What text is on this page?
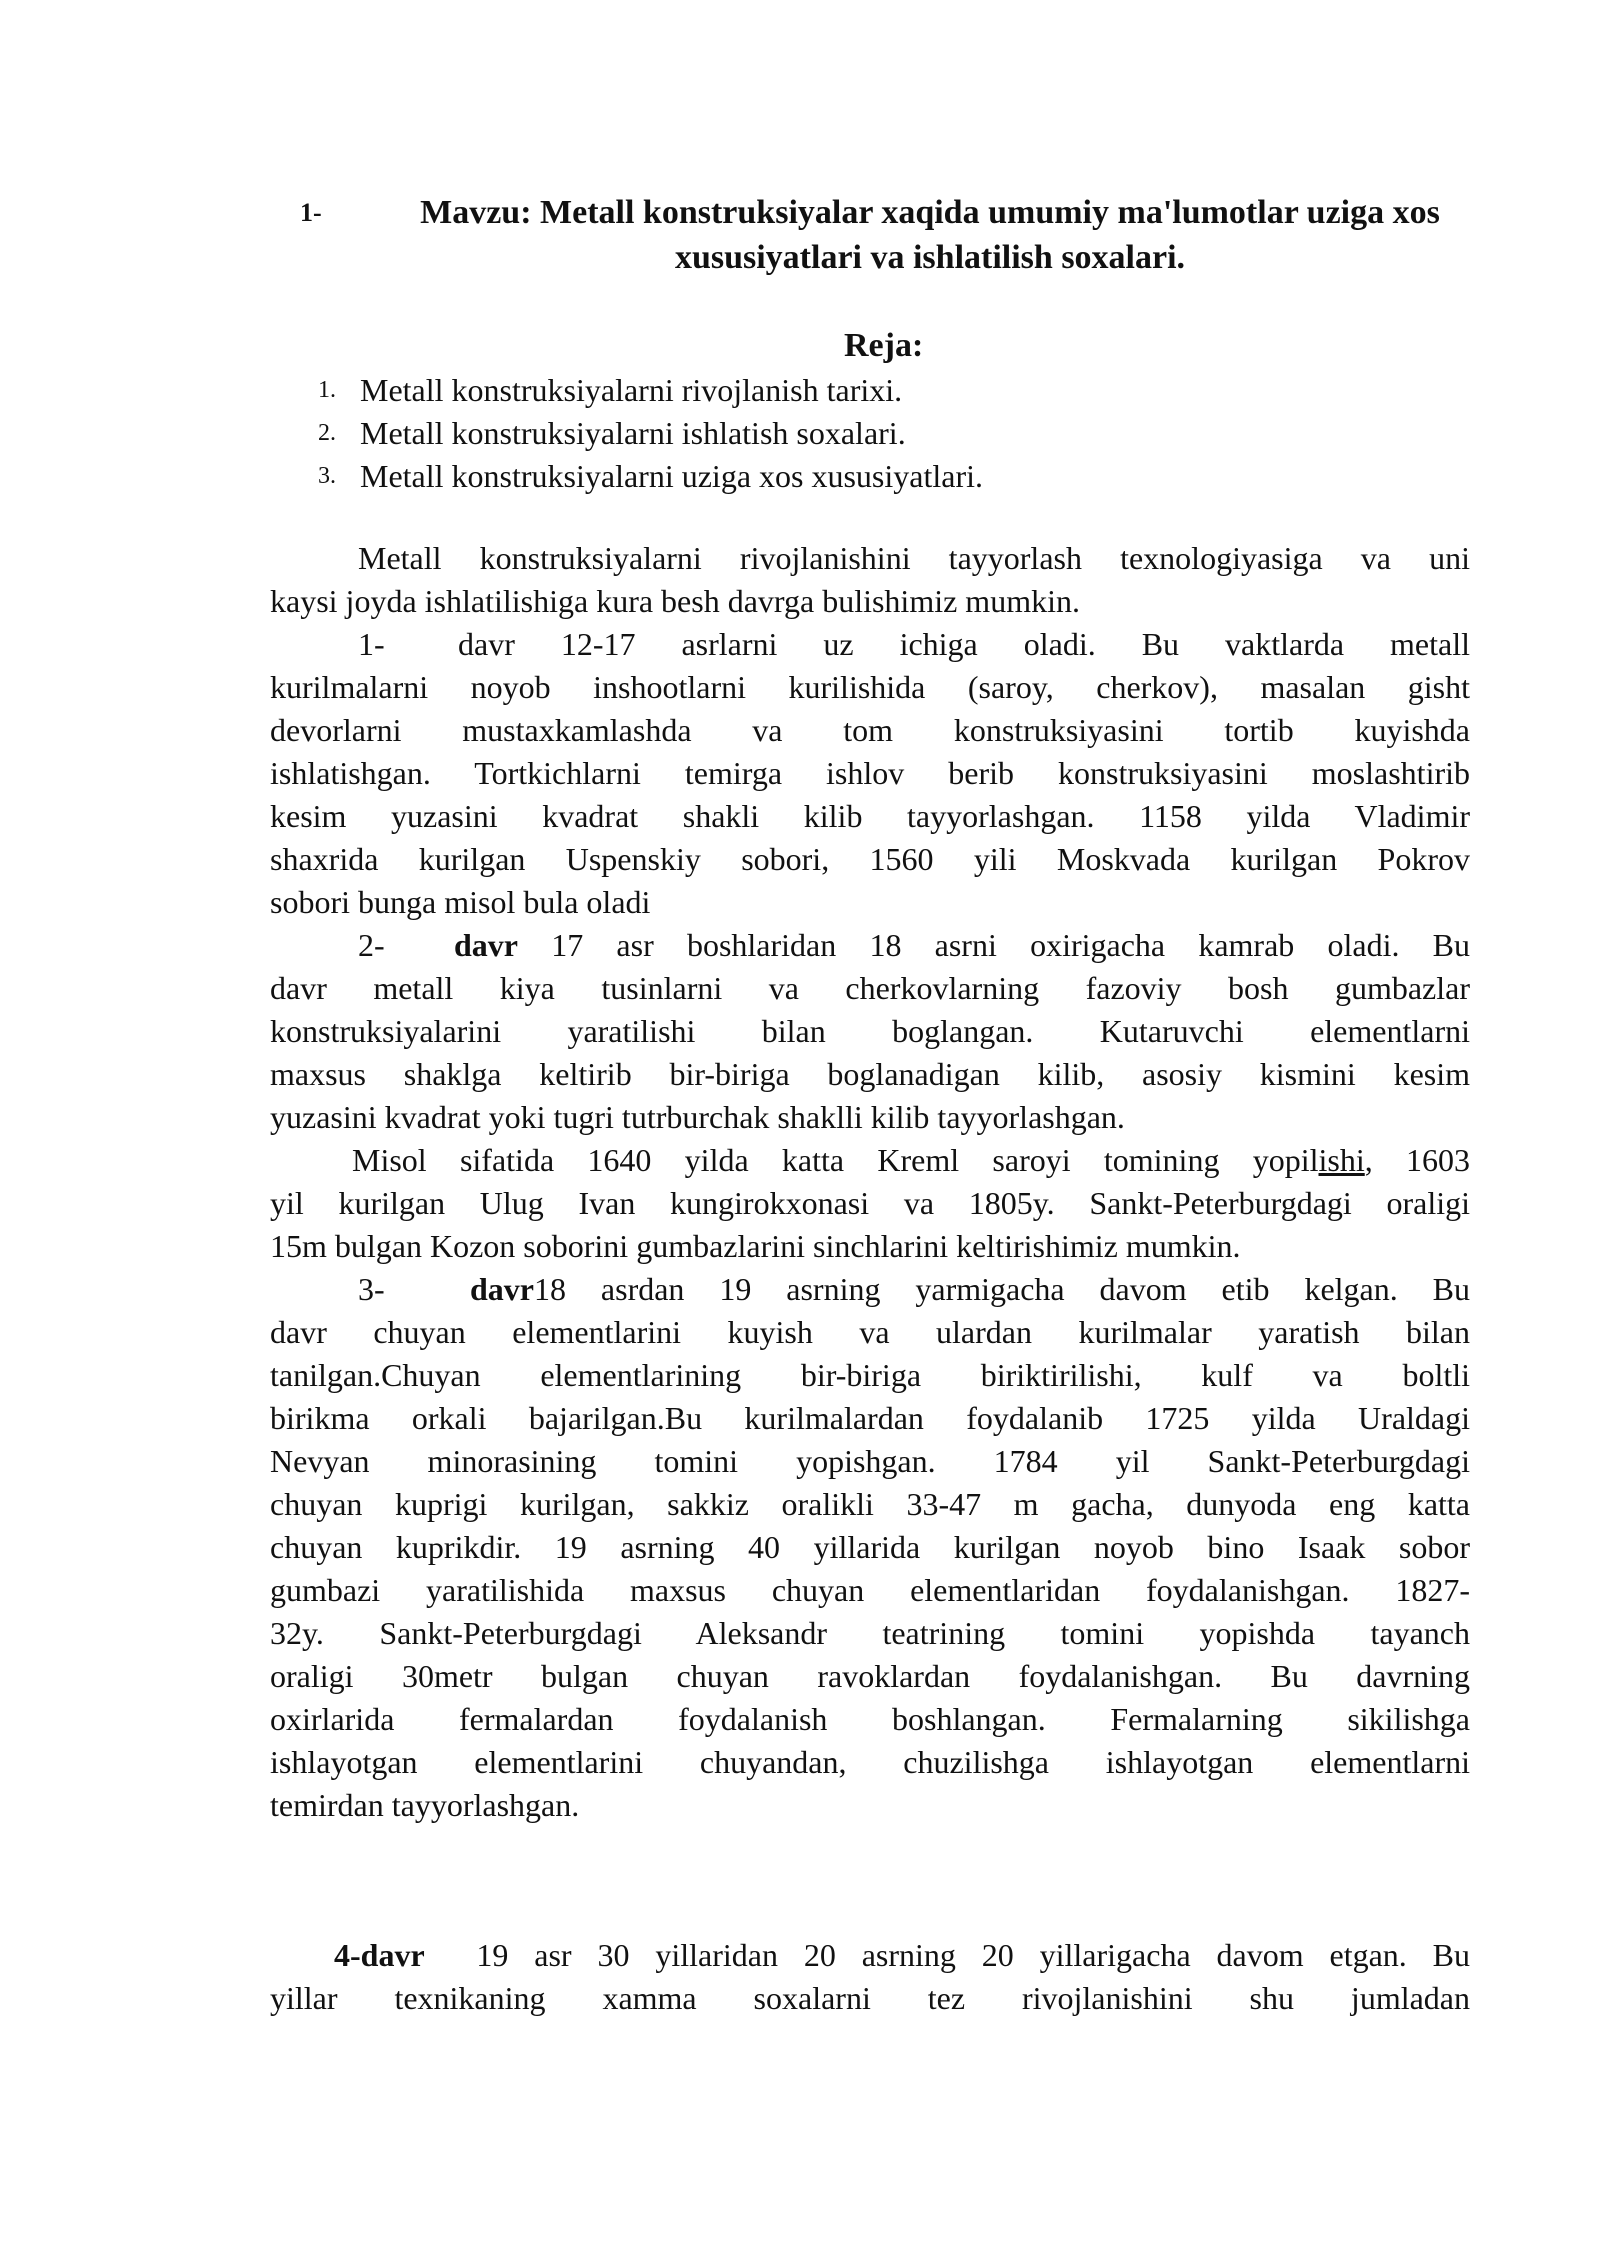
1-	Mavzu: Metall konstruksiyalar xaqida umumiy ma'lumotlar uziga xos xususiyatlari va ishlatilish soxalari.
Reja:
1. Metall konstruksiyalarni rivojlanish tarixi.
2. Metall konstruksiyalarni ishlatish soxalari.
3. Metall konstruksiyalarni uziga xos xususiyatlari.
Metall konstruksiyalarni rivojlanishini tayyorlash texnologiyasiga va uni
kaysi joyda ishlatilishiga kura besh davrga bulishimiz mumkin.
1- davr 12-17 asrlarni uz ichiga oladi. Bu vaktlarda metall
kurilmalarni noyob inshootlarni kurilishida (saroy, cherkov), masalan gisht
devorlarni mustaxkamlashda va tom konstruksiyasini tortib kuyishda
ishlatishgan. Tortkichlarni temirga ishlov berib konstruksiyasini moslashtirib
kesim yuzasini kvadrat shakli kilib tayyorlashgan. 1158 yilda Vladimir
shaxrida kurilgan Uspenskiy sobori, 1560 yili Moskvada kurilgan Pokrov
sobori bunga misol bula oladi
2- davr 17 asr boshlaridan 18 asrni oxirigacha kamrab oladi. Bu
davr metall kiya tusinlarni va cherkovlarning fazoviy bosh gumbazlar
konstruksiyalarini yaratilishi bilan boglangan. Kutaruvchi elementlarni
maxsus shaklga keltirib bir-biriga boglanadigan kilib, asosiy kismini kesim
yuzasini kvadrat yoki tugri tutrburchak shaklli kilib tayyorlashgan.
Misol sifatida 1640 yilda katta Kreml saroyi tomining yopilishi, 1603
yil kurilgan Ulug Ivan kungirokxonasi va 1805y. Sankt-Peterburgdagi oraligi
15m bulgan Kozon soborini gumbazlarini sinchlarini keltirishimiz mumkin.
3-	davr18 asrdan 19 asrning yarmigacha davom etib kelgan. Bu
davr chuyan elementlarini kuyish va ulardan kurilmalar yaratish bilan
tanilgan.Chuyan elementlarining bir-biriga biriktirilishi, kulf va boltli
birikma orkali bajarilgan.Bu kurilmalardan foydalanib 1725 yilda Uraldagi
Nevyan minorasining tomini yopishgan. 1784 yil Sankt-Peterburgdagi
chuyan kuprigi kurilgan, sakkiz oralikli 33-47 m gacha, dunyoda eng katta
chuyan kuprikdir. 19 asrning 40 yillarida kurilgan noyob bino Isaak sobor
gumbazi yaratilishida maxsus chuyan elementlaridan foydalanishgan. 1827-
32y. Sankt-Peterburgdagi Aleksandr teatrining tomini yopishda tayanch
oraligi 30metr bulgan chuyan ravoklardan foydalanishgan. Bu davrning
oxirlarida fermalardan foydalanish boshlangan. Fermalarning sikilishga
ishlayotgan elementlarini chuyandan, chuzilishga ishlayotgan elementlarni
temirdan tayyorlashgan.
4-davr 19 asr 30 yillaridan 20 asrning 20 yillarigacha davom etgan. Bu
yillar texnikaning xamma soxalarni tez rivojlanishini shu jumladan
